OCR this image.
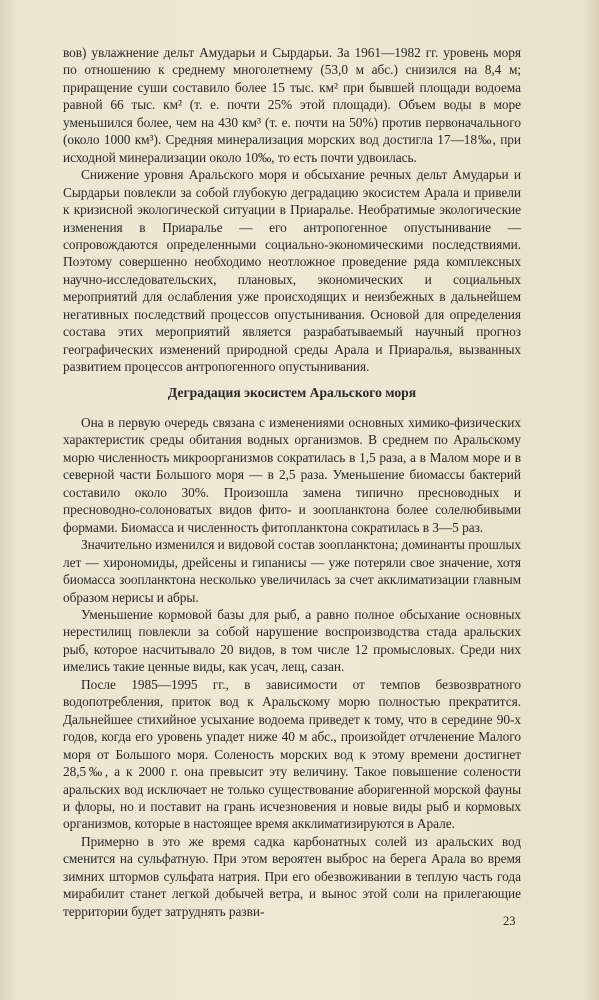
вов) увлажнение дельт Амударьи и Сырдарьи. За 1961—1982 гг. уровень моря по отношению к среднему многолетнему (53,0 м абс.) снизился на 8,4 м; приращение суши составило более 15 тыс. км² при бывшей площади водоема равной 66 тыс. км² (т. е. почти 25% этой площади). Объем воды в море уменьшился более, чем на 430 км³ (т. е. почти на 50%) против первоначального (около 1000 км³). Средняя минерализация морских вод достигла 17—18‰, при исходной минерализации около 10‰, то есть почти удвоилась.

Снижение уровня Аральского моря и обсыхание речных дельт Амударьи и Сырдарьи повлекли за собой глубокую деградацию экосистем Арала и привели к кризисной экологической ситуации в Приаралье. Необратимые экологические изменения в Приаралье — его антропогенное опустынивание — сопровождаются определенными социально-экономическими последствиями. Поэтому совершенно необходимо неотложное проведение ряда комплексных научно-исследовательских, плановых, экономических и социальных мероприятий для ослабления уже происходящих и неизбежных в дальнейшем негативных последствий процессов опустынивания. Основой для определения состава этих мероприятий является разрабатываемый научный прогноз географических изменений природной среды Арала и Приаралья, вызванных развитием процессов антропогенного опустынивания.

Деградация экосистем Аральского моря

Она в первую очередь связана с изменениями основных химико-физических характеристик среды обитания водных организмов. В среднем по Аральскому морю численность микроорганизмов сократилась в 1,5 раза, а в Малом море и в северной части Большого моря — в 2,5 раза. Уменьшение биомассы бактерий составило около 30%. Произошла замена типично пресноводных и пресноводно-солоноватых видов фито- и зоопланктона более солелюбивыми формами. Биомасса и численность фитопланктона сократилась в 3—5 раз.

Значительно изменился и видовой состав зоопланктона; доминанты прошлых лет — хирономиды, дрейсены и гипанисы — уже потеряли свое значение, хотя биомасса зоопланктона несколько увеличилась за счет акклиматизации главным образом нерисы и абры.

Уменьшение кормовой базы для рыб, а равно полное обсыхание основных нерестилищ повлекли за собой нарушение воспроизводства стада аральских рыб, которое насчитывало 20 видов, в том числе 12 промысловых. Среди них имелись такие ценные виды, как усач, лещ, сазан.

После 1985—1995 гг., в зависимости от темпов безвозвратного водопотребления, приток вод к Аральскому морю полностью прекратится. Дальнейшее стихийное усыхание водоема приведет к тому, что в середине 90-х годов, когда его уровень упадет ниже 40 м абс., произойдет отчленение Малого моря от Большого моря. Соленость морских вод к этому времени достигнет 28,5‰, а к 2000 г. она превысит эту величину. Такое повышение солености аральских вод исключает не только существование аборигенной морской фауны и флоры, но и поставит на грань исчезновения и новые виды рыб и кормовых организмов, которые в настоящее время акклиматизируются в Арале.

Примерно в это же время садка карбонатных солей из аральских вод сменится на сульфатную. При этом вероятен выброс на берега Арала во время зимних штормов сульфата натрия. При его обезвоживании в теплую часть года мирабилит станет легкой добычей ветра, и вынос этой соли на прилегающие территории будет затруднять разви-

23
